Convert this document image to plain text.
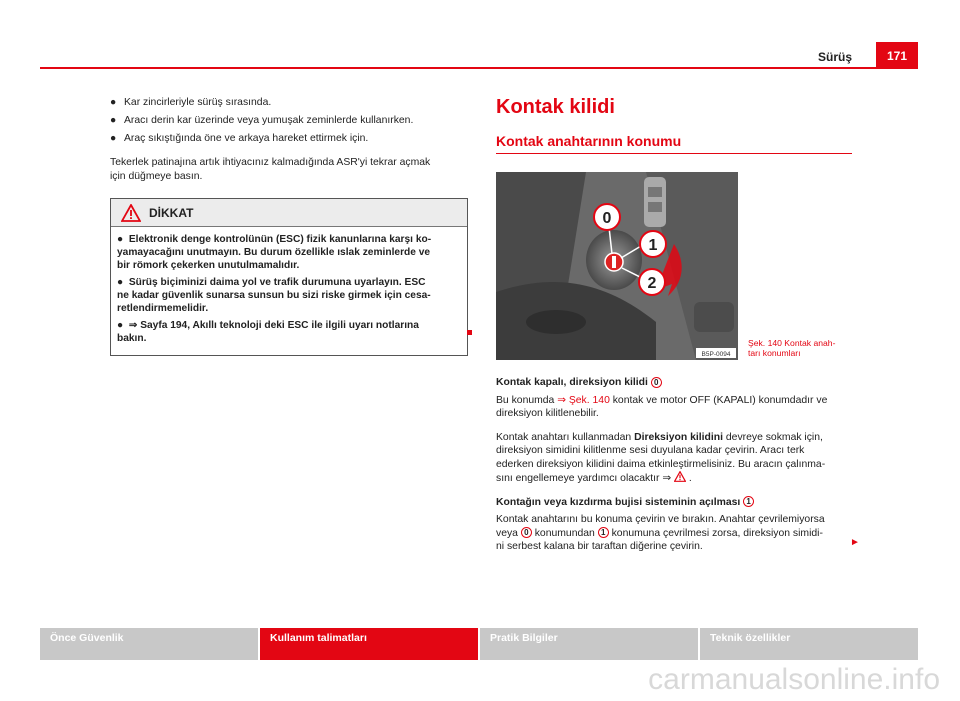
Sürüş	171
● Kar zincirleriyle sürüş sırasında.
● Aracı derin kar üzerinde veya yumuşak zeminlerde kullanırken.
● Araç sıkıştığında öne ve arkaya hareket ettirmek için.
Tekerlek patinajına artık ihtiyacınız kalmadığında ASR'yi tekrar açmak
için düğmeye basın.
DİKKAT

●  Elektronik denge kontrolünün (ESC) fizik kanunlarına karşı ko-
yamayacağını unutmayın. Bu durum özellikle ıslak zeminlerde ve
bir römork çekerken unutulmamalıdır.

●  Sürüş biçiminizi daima yol ve trafik durumuna uyarlayın. ESC
ne kadar güvenlik sunarsa sunsun bu sizi riske girmek için cesa-
retlendirmemelidir.

●  ⇒ Sayfa 194, Akıllı teknoloji deki ESC ile ilgili uyarı notlarına
bakın.

Kontak kilidi
Kontak anahtarının konumu
0
1
2
B5P-0094
Şek. 140 Kontak anah-
tarı konumları
Kontak kapalı, direksiyon kilidi 0

Bu konumda ⇒ Şek. 140 kontak ve motor OFF (KAPALI) konumdadır ve
direksiyon kilitlenebilir.

Kontak anahtarı kullanmadan Direksiyon kilidini devreye sokmak için,
direksiyon simidini kilitlenme sesi duyulana kadar çevirin. Aracı terk
ederken direksiyon kilidini daima etkinleştirmelisiniz. Bu aracın çalınma-
sını engellemeye yardımcı olacaktır ⇒ .

Kontağın veya kızdırma bujisi sisteminin açılması 1

Kontak anahtarını bu konuma çevirin ve bırakın. Anahtar çevrilemiyorsa
veya 0 konumundan 1 konumuna çevrilmesi zorsa, direksiyon simidi-
ni serbest kalana bir taraftan diğerine çevirin.	►
Önce Güvenlik	Kullanım talimatları	Pratik Bilgiler	Teknik özellikler
carmanualsonline.info
